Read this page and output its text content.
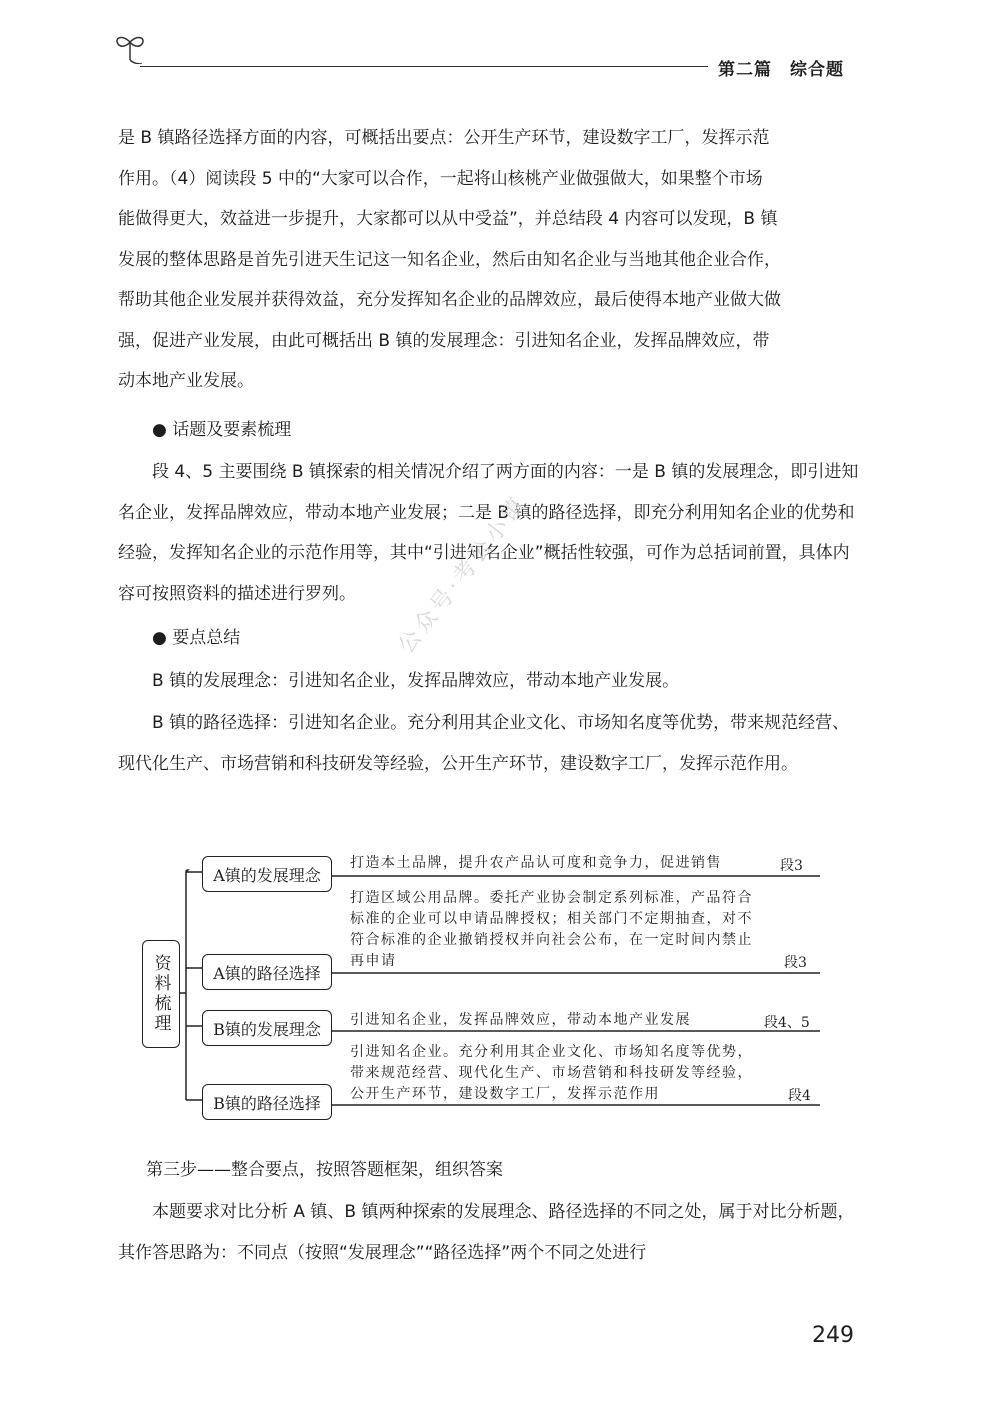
第二篇　综合题
是 B 镇路径选择方面的内容，可概括出要点：公开生产环节，建设数字工厂，发挥示范
作用。（4）阅读段 5 中的“大家可以合作，一起将山核桃产业做强做大，如果整个市场
能做得更大，效益进一步提升，大家都可以从中受益”，并总结段 4 内容可以发现，B 镇
发展的整体思路是首先引进天生记这一知名企业，然后由知名企业与当地其他企业合作，
帮助其他企业发展并获得效益，充分发挥知名企业的品牌效应，最后使得本地产业做大做
强，促进产业发展，由此可概括出 B 镇的发展理念：引进知名企业，发挥品牌效应，带
动本地产业发展。
● 话题及要素梳理

段 4、5 主要围绕 B 镇探索的相关情况介绍了两方面的内容：一是 B 镇的发展理念，即引进知名企业，发挥品牌效应，带动本地产业发展；二是 B 镇的路径选择，即充分利用知名企业的优势和经验，发挥知名企业的示范作用等，其中“引进知名企业”概括性较强，可作为总括词前置，具体内容可按照资料的描述进行罗列。

● 要点总结
B 镇的发展理念：引进知名企业，发挥品牌效应，带动本地产业发展。

B 镇的路径选择：引进知名企业。充分利用其企业文化、市场知名度等优势，带来规范经营、现代化生产、市场营销和科技研发等经验，公开生产环节，建设数字工厂，发挥示范作用。

公众号·考公小镇
资料梳理
A镇的发展理念
打造本土品牌，提升农产品认可度和竞争力，促进销售	段3
A镇的路径选择
打造区域公用品牌。委托产业协会制定系列标准，产品符合标准的企业可以申请品牌授权；相关部门不定期抽查，对不符合标准的企业撤销授权并向社会公布，在一定时间内禁止再申请	段3
B镇的发展理念	引进知名企业，发挥品牌效应，带动本地产业发展	段4、5
B镇的路径选择
引进知名企业。充分利用其企业文化、市场知名度等优势，带来规范经营、现代化生产、市场营销和科技研发等经验，公开生产环节，建设数字工厂，发挥示范作用	段4
第三步——整合要点，按照答题框架，组织答案

本题要求对比分析 A 镇、B 镇两种探索的发展理念、路径选择的不同之处，属于对比分析题，其作答思路为：不同点（按照“发展理念”“路径选择”两个不同之处进行

249
